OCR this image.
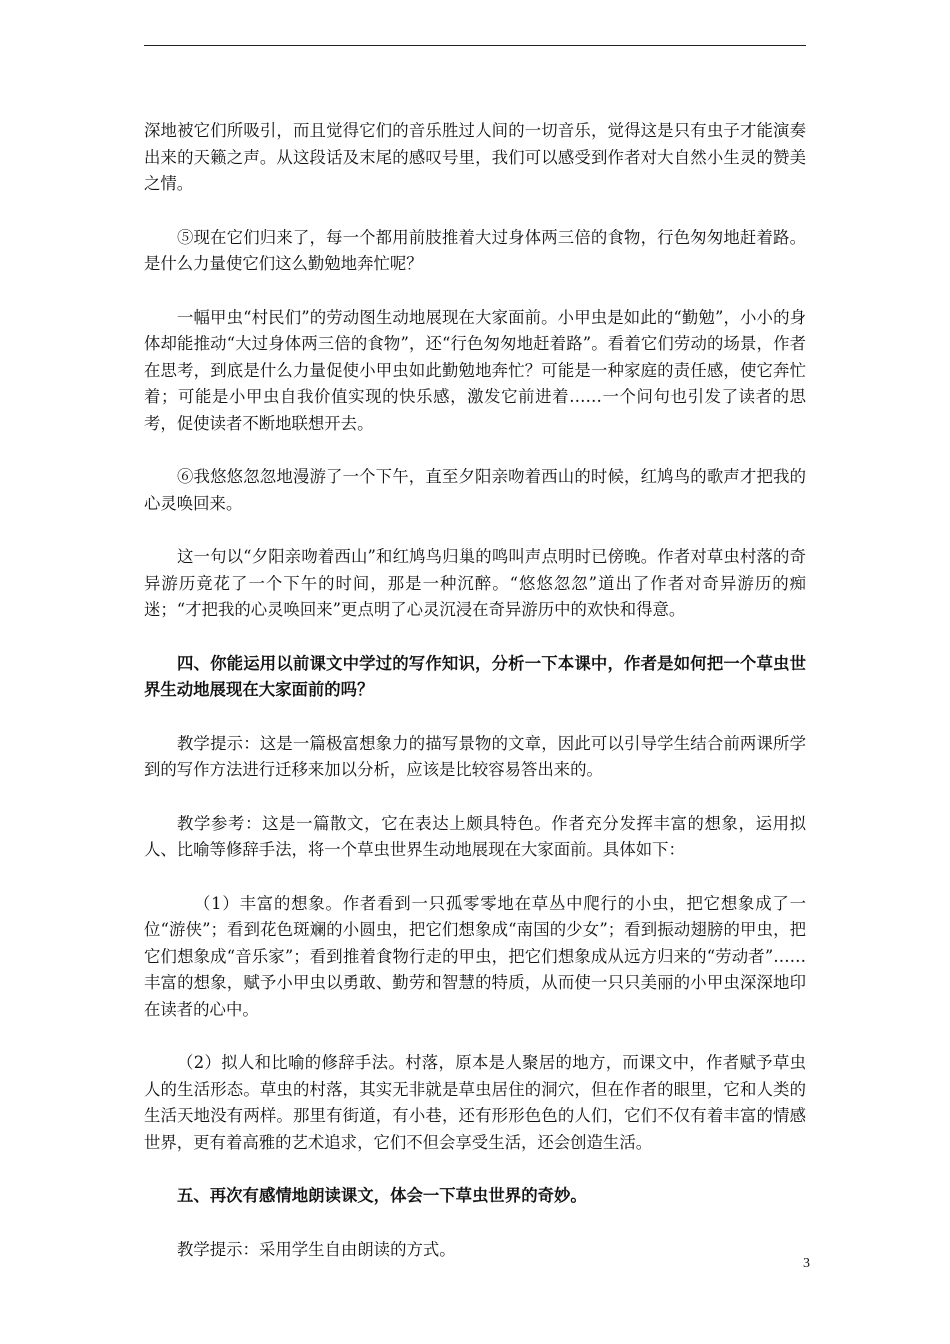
深地被它们所吸引，而且觉得它们的音乐胜过人间的一切音乐，觉得这是只有虫子才能演奏出来的天籁之声。从这段话及末尾的感叹号里，我们可以感受到作者对大自然小生灵的赞美之情。

⑤现在它们归来了，每一个都用前肢推着大过身体两三倍的食物，行色匆匆地赶着路。是什么力量使它们这么勤勉地奔忙呢？

一幅甲虫“村民们”的劳动图生动地展现在大家面前。小甲虫是如此的“勤勉”，小小的身体却能推动“大过身体两三倍的食物”，还“行色匆匆地赶着路”。看着它们劳动的场景，作者在思考，到底是什么力量促使小甲虫如此勤勉地奔忙？可能是一种家庭的责任感，使它奔忙着；可能是小甲虫自我价值实现的快乐感，激发它前进着……一个问句也引发了读者的思考，促使读者不断地联想开去。

⑥我悠悠忽忽地漫游了一个下午，直至夕阳亲吻着西山的时候，红鸠鸟的歌声才把我的心灵唤回来。

这一句以“夕阳亲吻着西山”和红鸠鸟归巢的鸣叫声点明时已傍晚。作者对草虫村落的奇异游历竟花了一个下午的时间，那是一种沉醉。“悠悠忽忽”道出了作者对奇异游历的痴迷；“才把我的心灵唤回来”更点明了心灵沉浸在奇异游历中的欢快和得意。

四、你能运用以前课文中学过的写作知识，分析一下本课中，作者是如何把一个草虫世界生动地展现在大家面前的吗？

教学提示：这是一篇极富想象力的描写景物的文章，因此可以引导学生结合前两课所学到的写作方法进行迁移来加以分析，应该是比较容易答出来的。

教学参考：这是一篇散文，它在表达上颇具特色。作者充分发挥丰富的想象，运用拟人、比喻等修辞手法，将一个草虫世界生动地展现在大家面前。具体如下：

（1）丰富的想象。作者看到一只孤零零地在草丛中爬行的小虫，把它想象成了一位“游侠”；看到花色斑斓的小圆虫，把它们想象成“南国的少女”；看到振动翅膀的甲虫，把它们想象成“音乐家”；看到推着食物行走的甲虫，把它们想象成从远方归来的“劳动者”……丰富的想象，赋予小甲虫以勇敢、勤劳和智慧的特质，从而使一只只美丽的小甲虫深深地印在读者的心中。

（2）拟人和比喻的修辞手法。村落，原本是人聚居的地方，而课文中，作者赋予草虫人的生活形态。草虫的村落，其实无非就是草虫居住的洞穴，但在作者的眼里，它和人类的生活天地没有两样。那里有街道，有小巷，还有形形色色的人们，它们不仅有着丰富的情感世界，更有着高雅的艺术追求，它们不但会享受生活，还会创造生活。

五、再次有感情地朗读课文，体会一下草虫世界的奇妙。

教学提示：采用学生自由朗读的方式。

3
